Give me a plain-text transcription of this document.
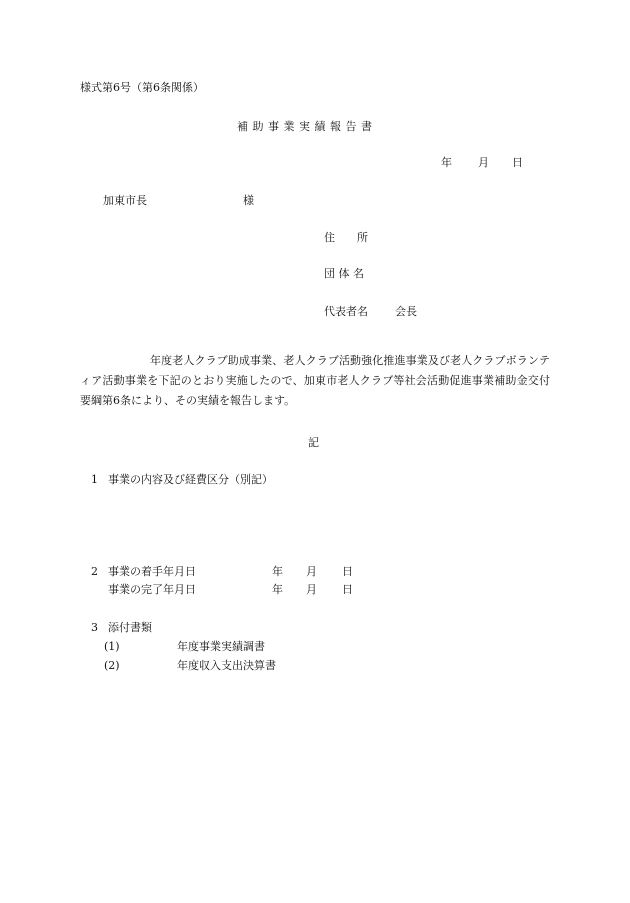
様式第6号（第6条関係）
補助事業実績報告書
年 月 日
加東市長	様
住　　所
団 体 名
代表者名 会長
年度老人クラブ助成事業、老人クラブ活動強化推進事業及び老人クラブボランティア活動事業を下記のとおり実施したので、加東市老人クラブ等社会活動促進事業補助金交付要綱第6条により、その実績を報告します。
記
1 事業の内容及び経費区分（別記）
2 事業の着手年月日	年 月 日
事業の完了年月日	年 月 日
3 添付書類
(1)	年度事業実績調書
(2)	年度収入支出決算書
